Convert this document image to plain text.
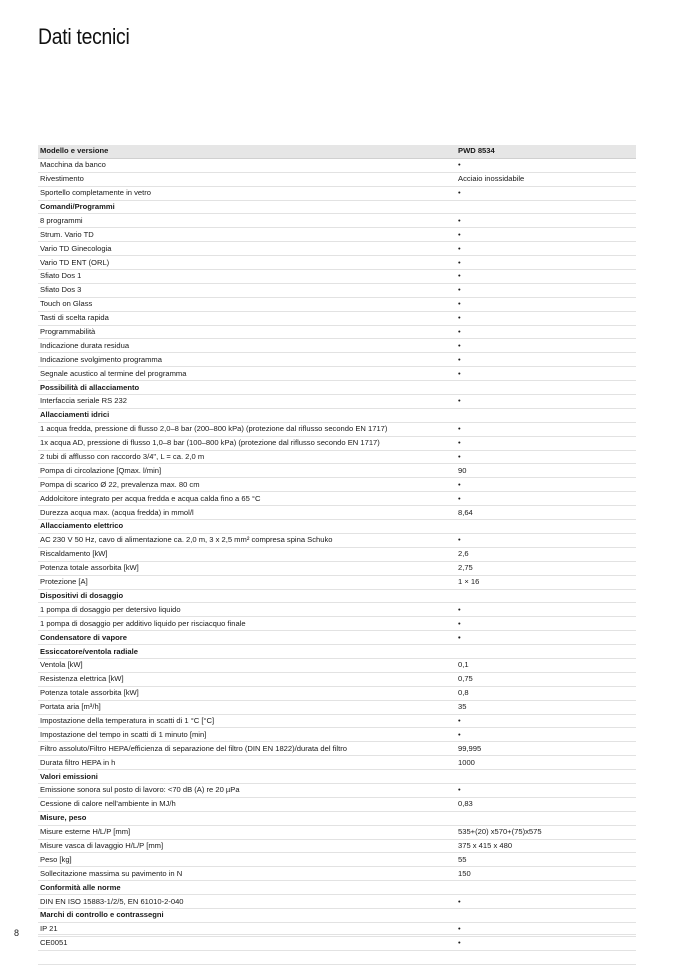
Dati tecnici
Modello e versione	PWD 8534
Macchina da banco	•
Rivestimento	Acciaio inossidabile
Sportello completamente in vetro	•
Comandi/Programmi	
8 programmi	•
Strum. Vario TD	•
Vario TD Ginecologia	•
Vario TD ENT (ORL)	•
Sfiato Dos 1	•
Sfiato Dos 3	•
Touch on Glass	•
Tasti di scelta rapida	•
Programmabilità	•
Indicazione durata residua	•
Indicazione svolgimento programma	•
Segnale acustico al termine del programma	•
Possibilità di allacciamento	
Interfaccia seriale RS 232	•
Allacciamenti idrici	
1 acqua fredda, pressione di flusso 2,0–8 bar (200–800 kPa) (protezione dal riflusso secondo EN 1717)	•
1x acqua AD, pressione di flusso 1,0–8 bar (100–800 kPa) (protezione dal riflusso secondo EN 1717)	•
2 tubi di afflusso con raccordo 3/4", L = ca. 2,0 m	•
Pompa di circolazione [Qmax. l/min]	90
Pompa di scarico Ø 22, prevalenza max. 80 cm	•
Addolcitore integrato per acqua fredda e acqua calda fino a 65 °C	•
Durezza acqua max. (acqua fredda) in mmol/l	8,64
Allacciamento elettrico	
AC 230 V 50 Hz, cavo di alimentazione ca. 2,0 m, 3 x 2,5 mm² compresa spina Schuko	•
Riscaldamento [kW]	2,6
Potenza totale assorbita [kW]	2,75
Protezione [A]	1 × 16
Dispositivi di dosaggio	
1 pompa di dosaggio per detersivo liquido	•
1 pompa di dosaggio per additivo liquido per risciacquo finale	•
Condensatore di vapore	•
Essiccatore/ventola radiale	
Ventola [kW]	0,1
Resistenza elettrica [kW]	0,75
Potenza totale assorbita [kW]	0,8
Portata aria [m³/h]	35
Impostazione della temperatura in scatti di 1 °C [°C]	•
Impostazione del tempo in scatti di 1 minuto [min]	•
Filtro assoluto/Filtro HEPA/efficienza di separazione del filtro (DIN EN 1822)/durata del filtro	99,995
Durata filtro HEPA in h	1000
Valori emissioni	
Emissione sonora sul posto di lavoro: <70 dB (A) re 20 µPa	•
Cessione di calore nell'ambiente in MJ/h	0,83
Misure, peso	
Misure esterne H/L/P [mm]	535+(20) x570+(75)x575
Misure vasca di lavaggio H/L/P [mm]	375 x 415 x 480
Peso [kg]	55
Sollecitazione massima su pavimento in N	150
Conformità alle norme	
DIN EN ISO 15883-1/2/5, EN 61010-2-040	•
Marchi di controllo e contrassegni	
IP 21	•
CE0051	•

8
